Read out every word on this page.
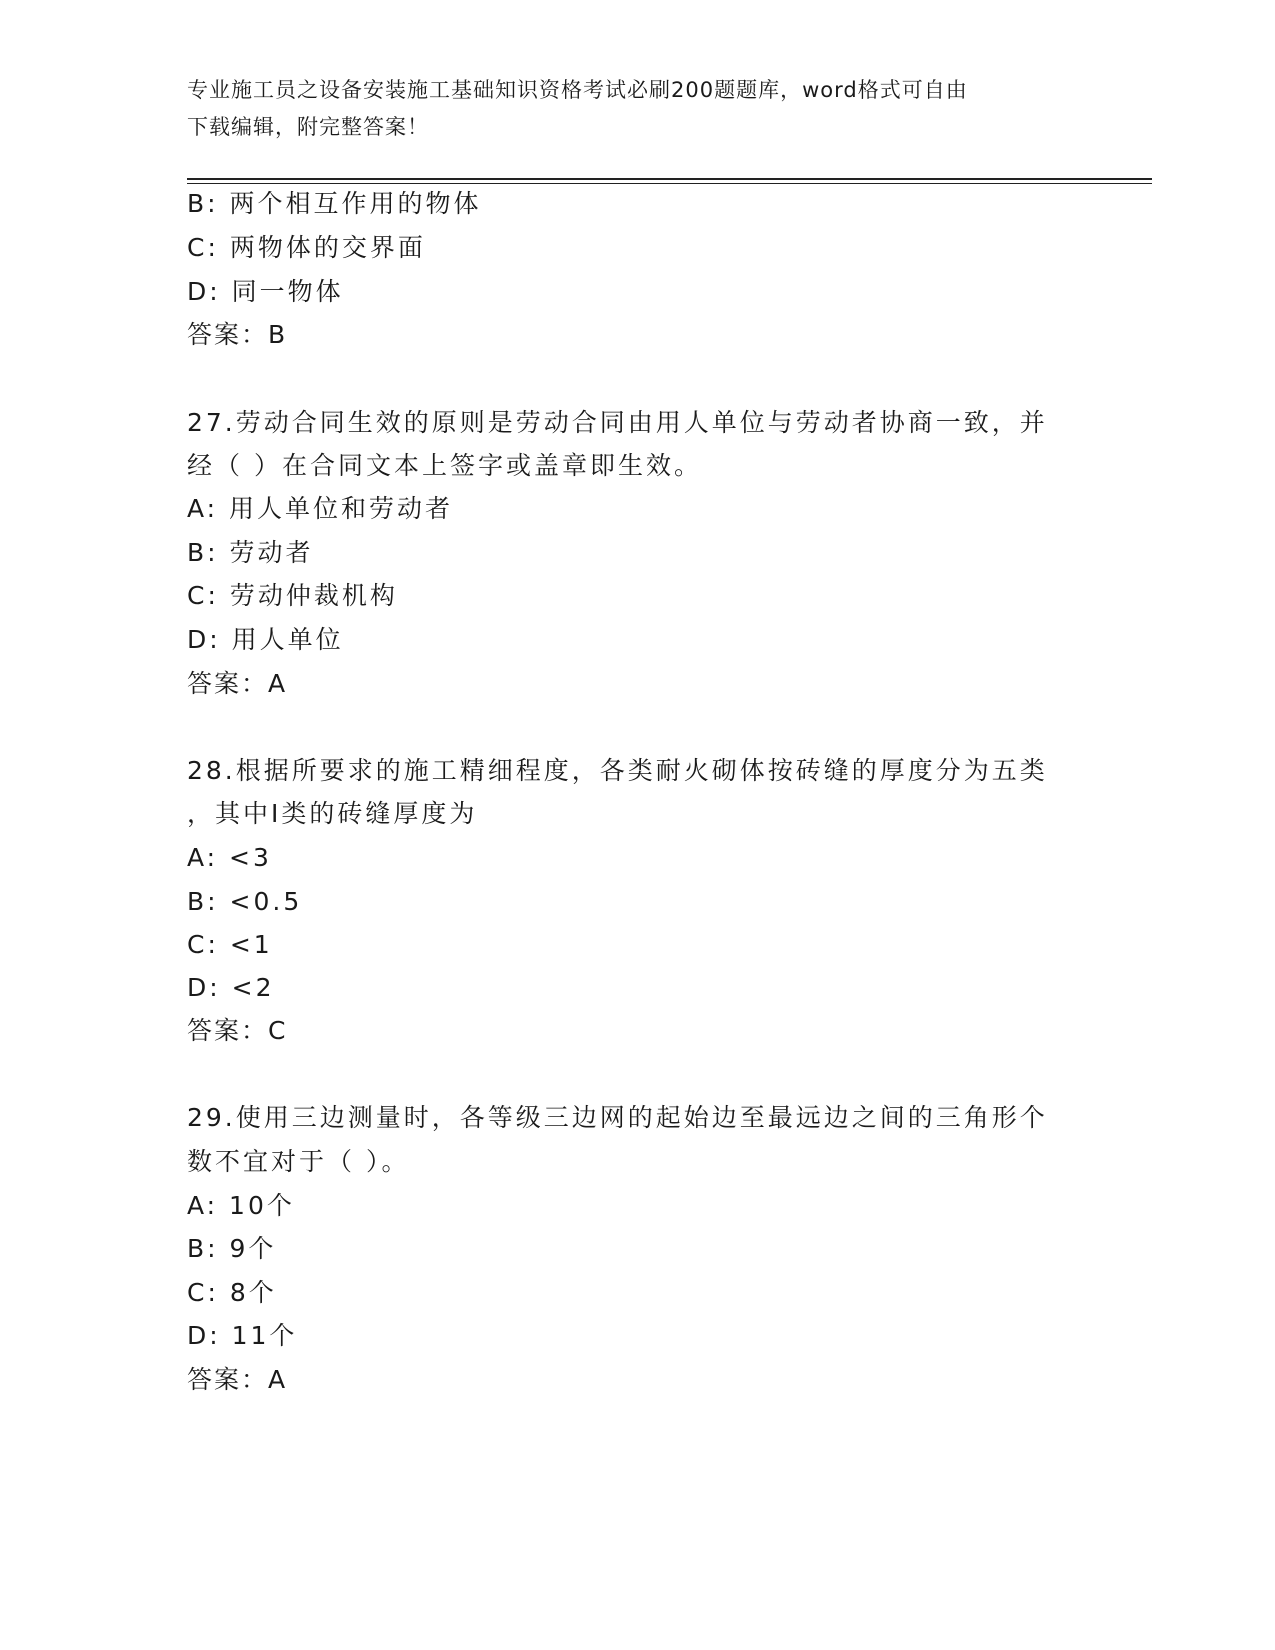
专业施工员之设备安装施工基础知识资格考试必刷200题题库，word格式可自由
下载编辑，附完整答案！
B: 两个相互作用的物体
C: 两物体的交界面
D: 同一物体
答案：B
27.劳动合同生效的原则是劳动合同由用人单位与劳动者协商一致，并
经（ ）在合同文本上签字或盖章即生效。
A: 用人单位和劳动者
B: 劳动者
C: 劳动仲裁机构
D: 用人单位
答案：A
28.根据所要求的施工精细程度，各类耐火砌体按砖缝的厚度分为五类
，其中Ⅰ类的砖缝厚度为
A: <3
B: <0.5
C: <1
D: <2
答案：C
29.使用三边测量时，各等级三边网的起始边至最远边之间的三角形个
数不宜对于（ ）。
A: 10个
B: 9个
C: 8个
D: 11个
答案：A
